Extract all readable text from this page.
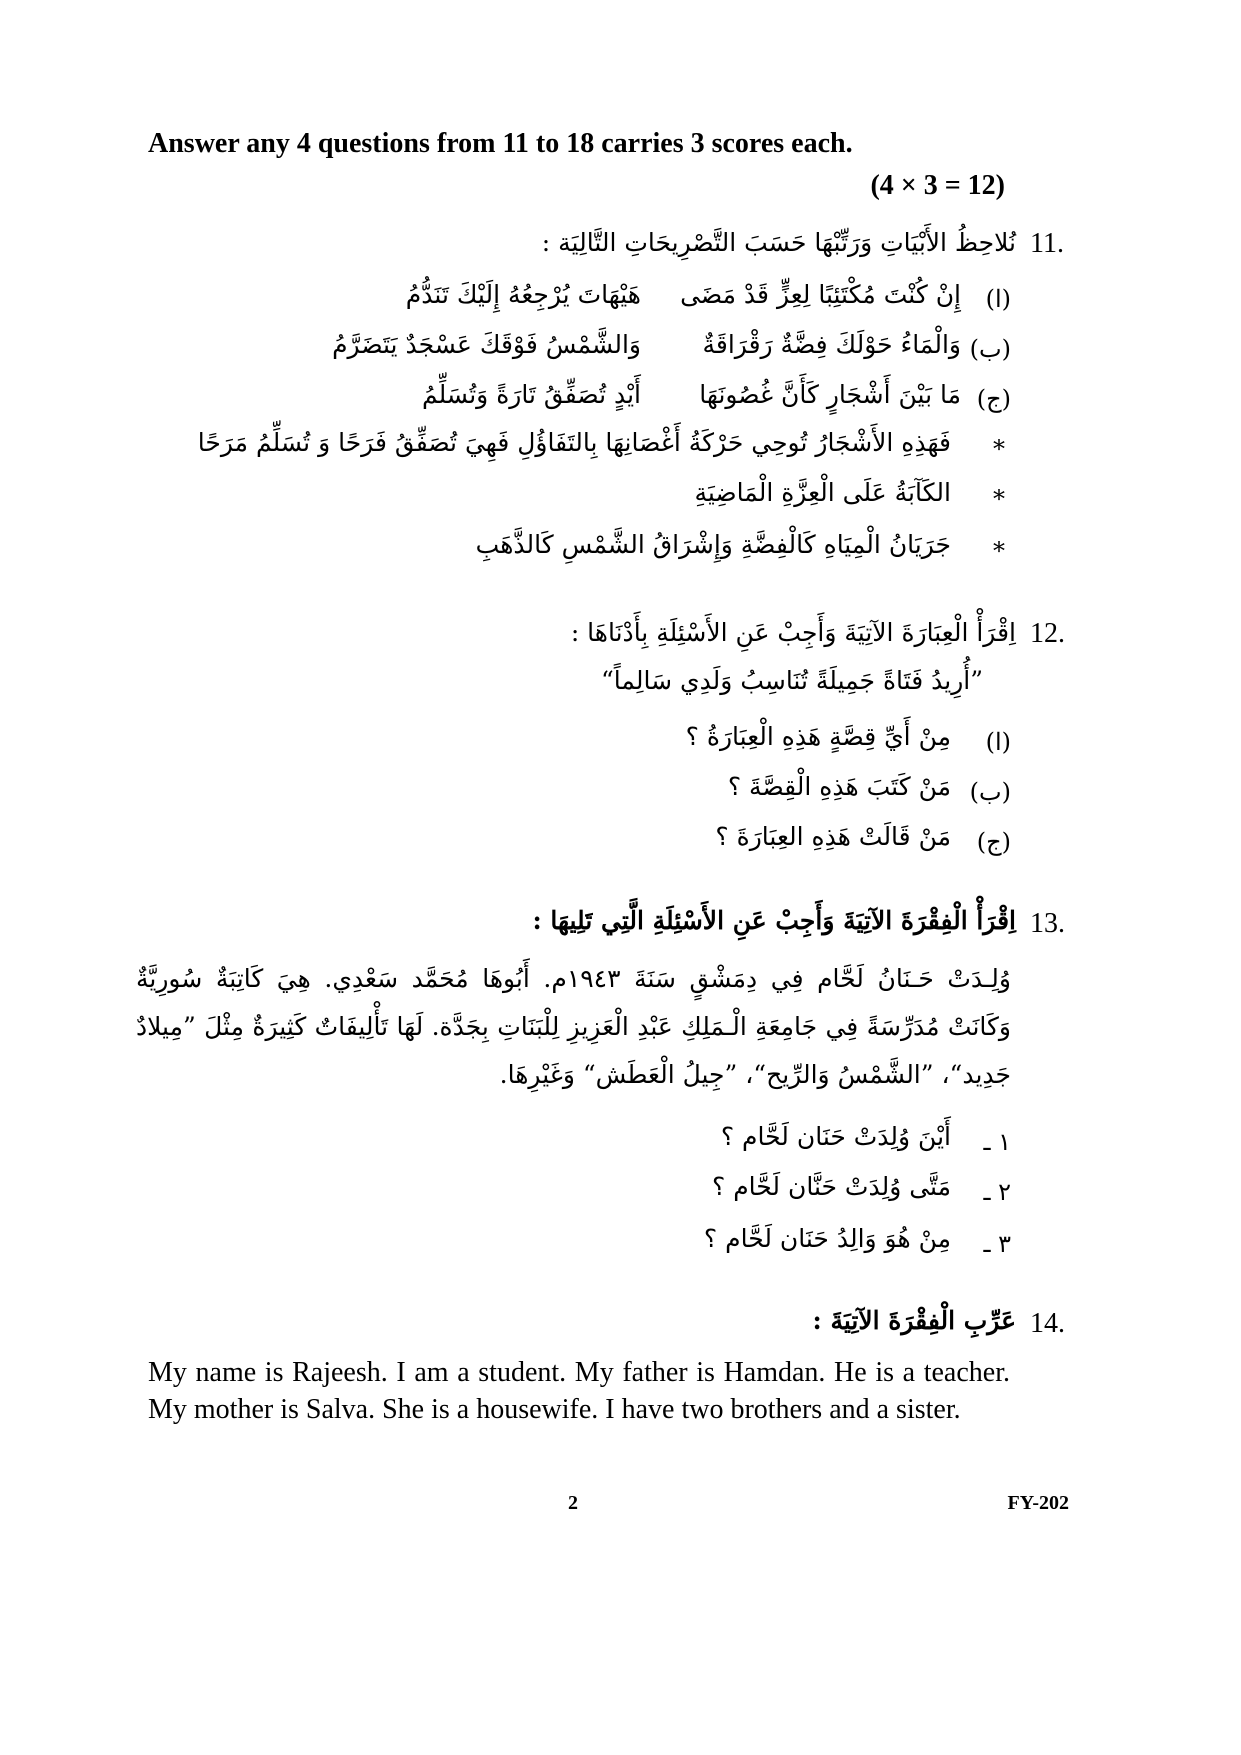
Answer any 4 questions from 11 to 18 carries 3 scores each.
(4 × 3 = 12)
11.
نُلاحِظُ الأَبْيَاتِ وَرَتِّبْهَا حَسَبَ التَّصْرِيحَاتِ التَّالِيَة :
(ا)
إِنْ كُنْتَ مُكْتَئِبًا لِعِزٍّ قَدْ مَضَى
هَيْهَاتَ يُرْجِعُهُ إِلَيْكَ تَنَدُّمُ
(ب)
وَالْمَاءُ حَوْلَكَ فِضَّةٌ رَقْرَاقَةٌ
وَالشَّمْسُ فَوْقَكَ عَسْجَدٌ يَتَضَرَّمُ
(ج)
مَا بَيْنَ أَشْجَارٍ كَأَنَّ غُصُونَهَا
أَيْدٍ تُصَفِّقُ تَارَةً وَتُسَلِّمُ
*
فَهَذِهِ الأَشْجَارُ تُوحِي حَرْكَةُ أَغْصَانِهَا بِالتَفَاؤُلِ فَهِيَ تُصَفِّقُ فَرَحًا وَ تُسَلِّمُ مَرَحًا
*
الكَآبَةُ عَلَى الْعِزَّةِ الْمَاضِيَةِ
*
جَرَيَانُ الْمِيَاهِ كَالْفِضَّةِ وَإِشْرَاقُ الشَّمْسِ كَالذَّهَبِ
12.
اِقْرَأْ الْعِبَارَةَ الآتِيَةَ وَأَجِبْ عَنِ الأَسْئِلَةِ بِأَدْنَاهَا :
”أُرِيدُ فَتَاةً جَمِيلَةً تُنَاسِبُ وَلَدِي سَالِماً“
(ا)
مِنْ أَيِّ قِصَّةٍ هَذِهِ الْعِبَارَةُ ؟
(ب)
مَنْ كَتَبَ هَذِهِ الْقِصَّةَ ؟
(ج)
مَنْ قَالَتْ هَذِهِ العِبَارَةَ ؟
13.
اِقْرَأْ الْفِقْرَةَ الآتِيَةَ وَأَجِبْ عَنِ الأَسْئِلَةِ الَّتِي تَلِيهَا :
وُلِـدَتْ حَـنَانُ لَحَّام فِي دِمَشْقٍ سَنَةَ ١٩٤٣م. أَبُوهَا مُحَمَّد سَعْدِي. هِيَ كَاتِبَةٌ سُورِيَّةٌ وَكَانَتْ مُدَرِّسَةً فِي جَامِعَةِ الْـمَلِكِ عَبْدِ الْعَزِيزِ لِلْبَنَاتِ بِجَدَّة. لَهَا تَأْلِيفَاتٌ كَثِيرَةٌ مِثْلَ ”مِيلادٌ جَدِيد“، ”الشَّمْسُ وَالرِّيح“، ”جِيلُ الْعَطَش“ وَغَيْرِهَا.
١ ـ
أَيْنَ وُلِدَتْ حَنَان لَحَّام ؟
٢ ـ
مَتَّى وُلِدَتْ حَنَّان لَحَّام ؟
٣ ـ
مِنْ هُوَ وَالِدُ حَنَان لَحَّام ؟
14.
عَرِّبِ الْفِقْرَةَ الآتِيَةَ :
My name is Rajeesh. I am a student. My father is Hamdan. He is a teacher. My mother is Salva. She is a housewife. I have two brothers and a sister.
2	FY-202
